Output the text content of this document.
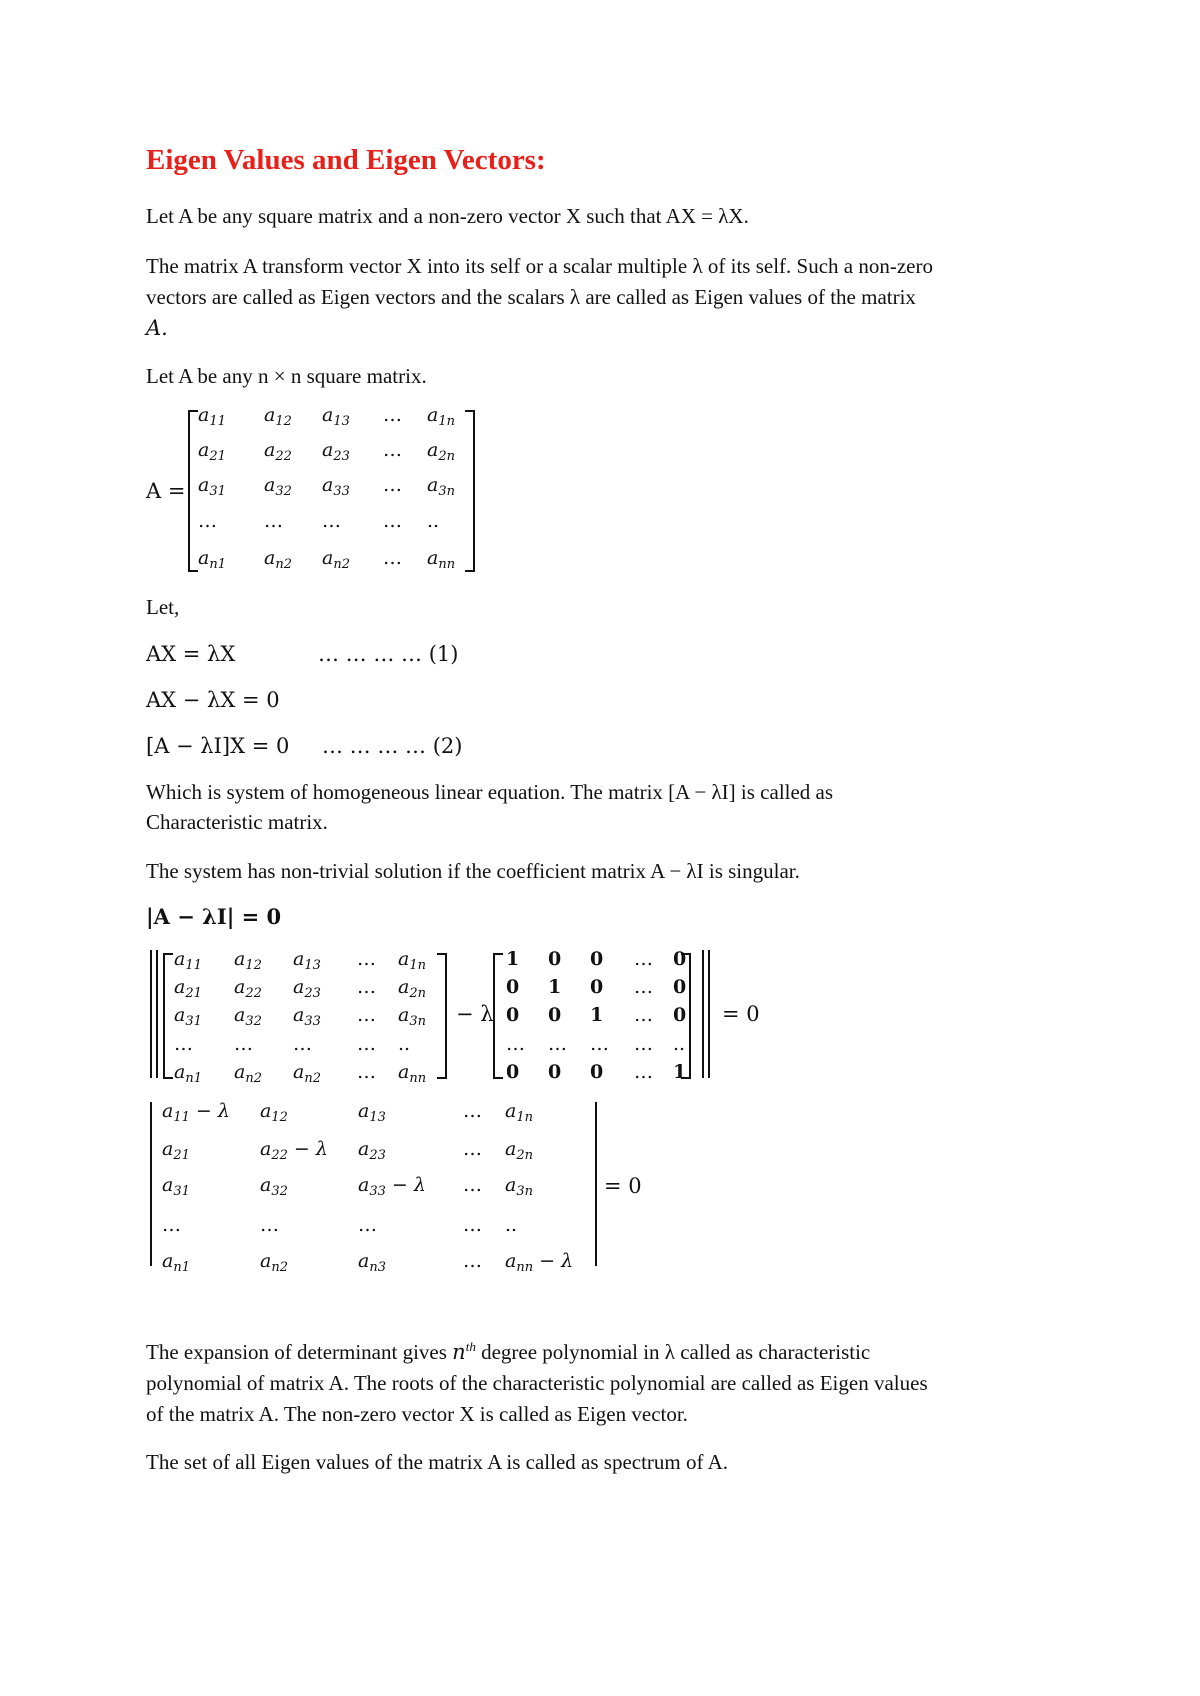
Eigen Values and Eigen Vectors:
Let A be any square matrix and a non-zero vector X such that AX = λX.
The matrix A transform vector X into its self or a scalar multiple λ of its self. Such a non-zero
vectors are called as Eigen vectors and the scalars λ are called as Eigen values of the matrix
A.
Let A be any n × n square matrix.
A =
$a_{11}$ $a_{12}$ $a_{13}$ … $a_{1n}$
$a_{21}$ $a_{22}$ $a_{23}$ … $a_{2n}$
$a_{31}$ $a_{32}$ $a_{33}$ … $a_{3n}$
… … … … ..
$a_{n1}$ $a_{n2}$ $a_{n2}$ … $a_{nn}$
Let,
AX = λX	… … … … (1)
AX − λX = 0
[A − λI]X = 0 … … … … (2)
Which is system of homogeneous linear equation. The matrix [A − λI] is called as
Characteristic matrix.
The system has non-trivial solution if the coefficient matrix A − λI is singular.
|A − λI| = 0
$a_{11}$ $a_{12}$ $a_{13}$ … $a_{1n}$
$a_{21}$ $a_{22}$ $a_{23}$ … $a_{2n}$
$a_{31}$ $a_{32}$ $a_{33}$ … $a_{3n}$
… … … … ..
$a_{n1}$ $a_{n2}$ $a_{n2}$ … $a_{nn}$
− λ
1 0 0 … 0
0 1 0 … 0
0 0 1 … 0
… … … … ..
0 0 0 … 1
= 0
$a_{11} - \lambda$ $a_{12}$	$a_{13}$	… $a_{1n}$
$a_{21}$	$a_{22} - \lambda$ $a_{23}$	… $a_{2n}$
$a_{31}$	$a_{32}$	$a_{33} - \lambda$ … $a_{3n}$
…	…	…	… ..
$a_{n1}$	$a_{n2}$	$a_{n3}$	… $a_{nn} - \lambda$
= 0
The expansion of determinant gives $n^{th}$ degree polynomial in λ called as characteristic
polynomial of matrix A. The roots of the characteristic polynomial are called as Eigen values
of the matrix A. The non-zero vector X is called as Eigen vector.
The set of all Eigen values of the matrix A is called as spectrum of A.
